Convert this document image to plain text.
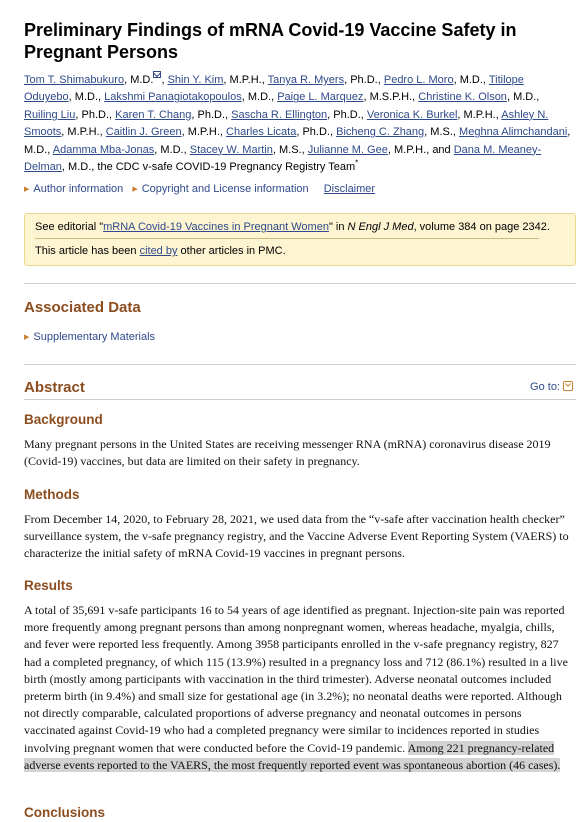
Preliminary Findings of mRNA Covid-19 Vaccine Safety in Pregnant Persons
Tom T. Shimabukuro, M.D. , Shin Y. Kim, M.P.H., Tanya R. Myers, Ph.D., Pedro L. Moro, M.D., Titilope Oduyebo, M.D., Lakshmi Panagiotakopoulos, M.D., Paige L. Marquez, M.S.P.H., Christine K. Olson, M.D., Ruiling Liu, Ph.D., Karen T. Chang, Ph.D., Sascha R. Ellington, Ph.D., Veronica K. Burkel, M.P.H., Ashley N. Smoots, M.P.H., Caitlin J. Green, M.P.H., Charles Licata, Ph.D., Bicheng C. Zhang, M.S., Meghna Alimchandani, M.D., Adamma Mba-Jonas, M.D., Stacey W. Martin, M.S., Julianne M. Gee, M.P.H., and Dana M. Meaney-Delman, M.D., the CDC v-safe COVID-19 Pregnancy Registry Team*
▶ Author information ▶ Copyright and License information Disclaimer
See editorial "mRNA Covid-19 Vaccines in Pregnant Women" in N Engl J Med, volume 384 on page 2342.
This article has been cited by other articles in PMC.
Associated Data
▶ Supplementary Materials
Abstract	Go to:
Background
Many pregnant persons in the United States are receiving messenger RNA (mRNA) coronavirus disease 2019 (Covid-19) vaccines, but data are limited on their safety in pregnancy.
Methods
From December 14, 2020, to February 28, 2021, we used data from the “v-safe after vaccination health checker” surveillance system, the v-safe pregnancy registry, and the Vaccine Adverse Event Reporting System (VAERS) to characterize the initial safety of mRNA Covid-19 vaccines in pregnant persons.
Results
A total of 35,691 v-safe participants 16 to 54 years of age identified as pregnant. Injection-site pain was reported more frequently among pregnant persons than among nonpregnant women, whereas headache, myalgia, chills, and fever were reported less frequently. Among 3958 participants enrolled in the v-safe pregnancy registry, 827 had a completed pregnancy, of which 115 (13.9%) resulted in a pregnancy loss and 712 (86.1%) resulted in a live birth (mostly among participants with vaccination in the third trimester). Adverse neonatal outcomes included preterm birth (in 9.4%) and small size for gestational age (in 3.2%); no neonatal deaths were reported. Although not directly comparable, calculated proportions of adverse pregnancy and neonatal outcomes in persons vaccinated against Covid-19 who had a completed pregnancy were similar to incidences reported in studies involving pregnant women that were conducted before the Covid-19 pandemic. Among 221 pregnancy-related adverse events reported to the VAERS, the most frequently reported event was spontaneous abortion (46 cases).
Conclusions
